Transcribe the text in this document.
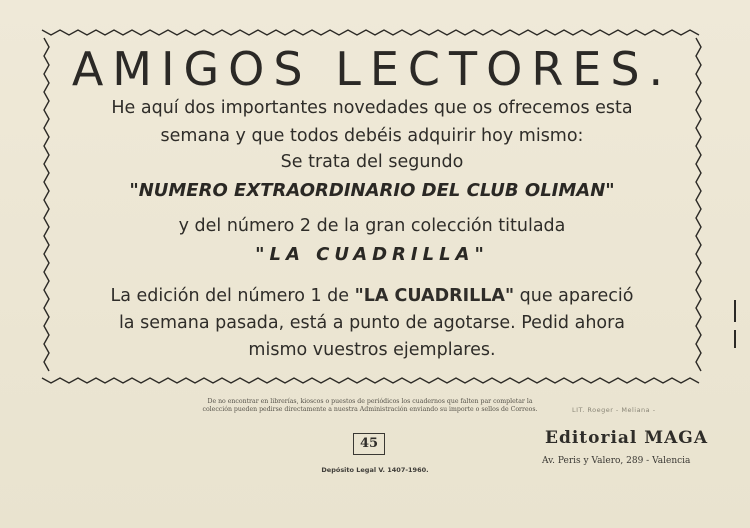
AMIGOS LECTORES.
He aquí dos importantes novedades que os ofrecemos esta
semana y que todos debéis adquirir hoy mismo:
Se trata del segundo
"NUMERO EXTRAORDINARIO DEL CLUB OLIMAN"
y del número 2 de la gran colección titulada
"LA CUADRILLA"
La edición del número 1 de "LA CUADRILLA" que apareció
la semana pasada, está a punto de agotarse. Pedid ahora
mismo vuestros ejemplares.
De no encontrar en librerías, kioscos o puestos de periódicos los cuadernos que falten par completar la colección pueden pedirse directamente a nuestra Administración enviando su importe o sellos de Correos.
45
Depósito Legal V. 1407-1960.
LIT. Roeger - Meliana -
Editorial MAGA
Av. Peris y Valero, 289 - Valencia
